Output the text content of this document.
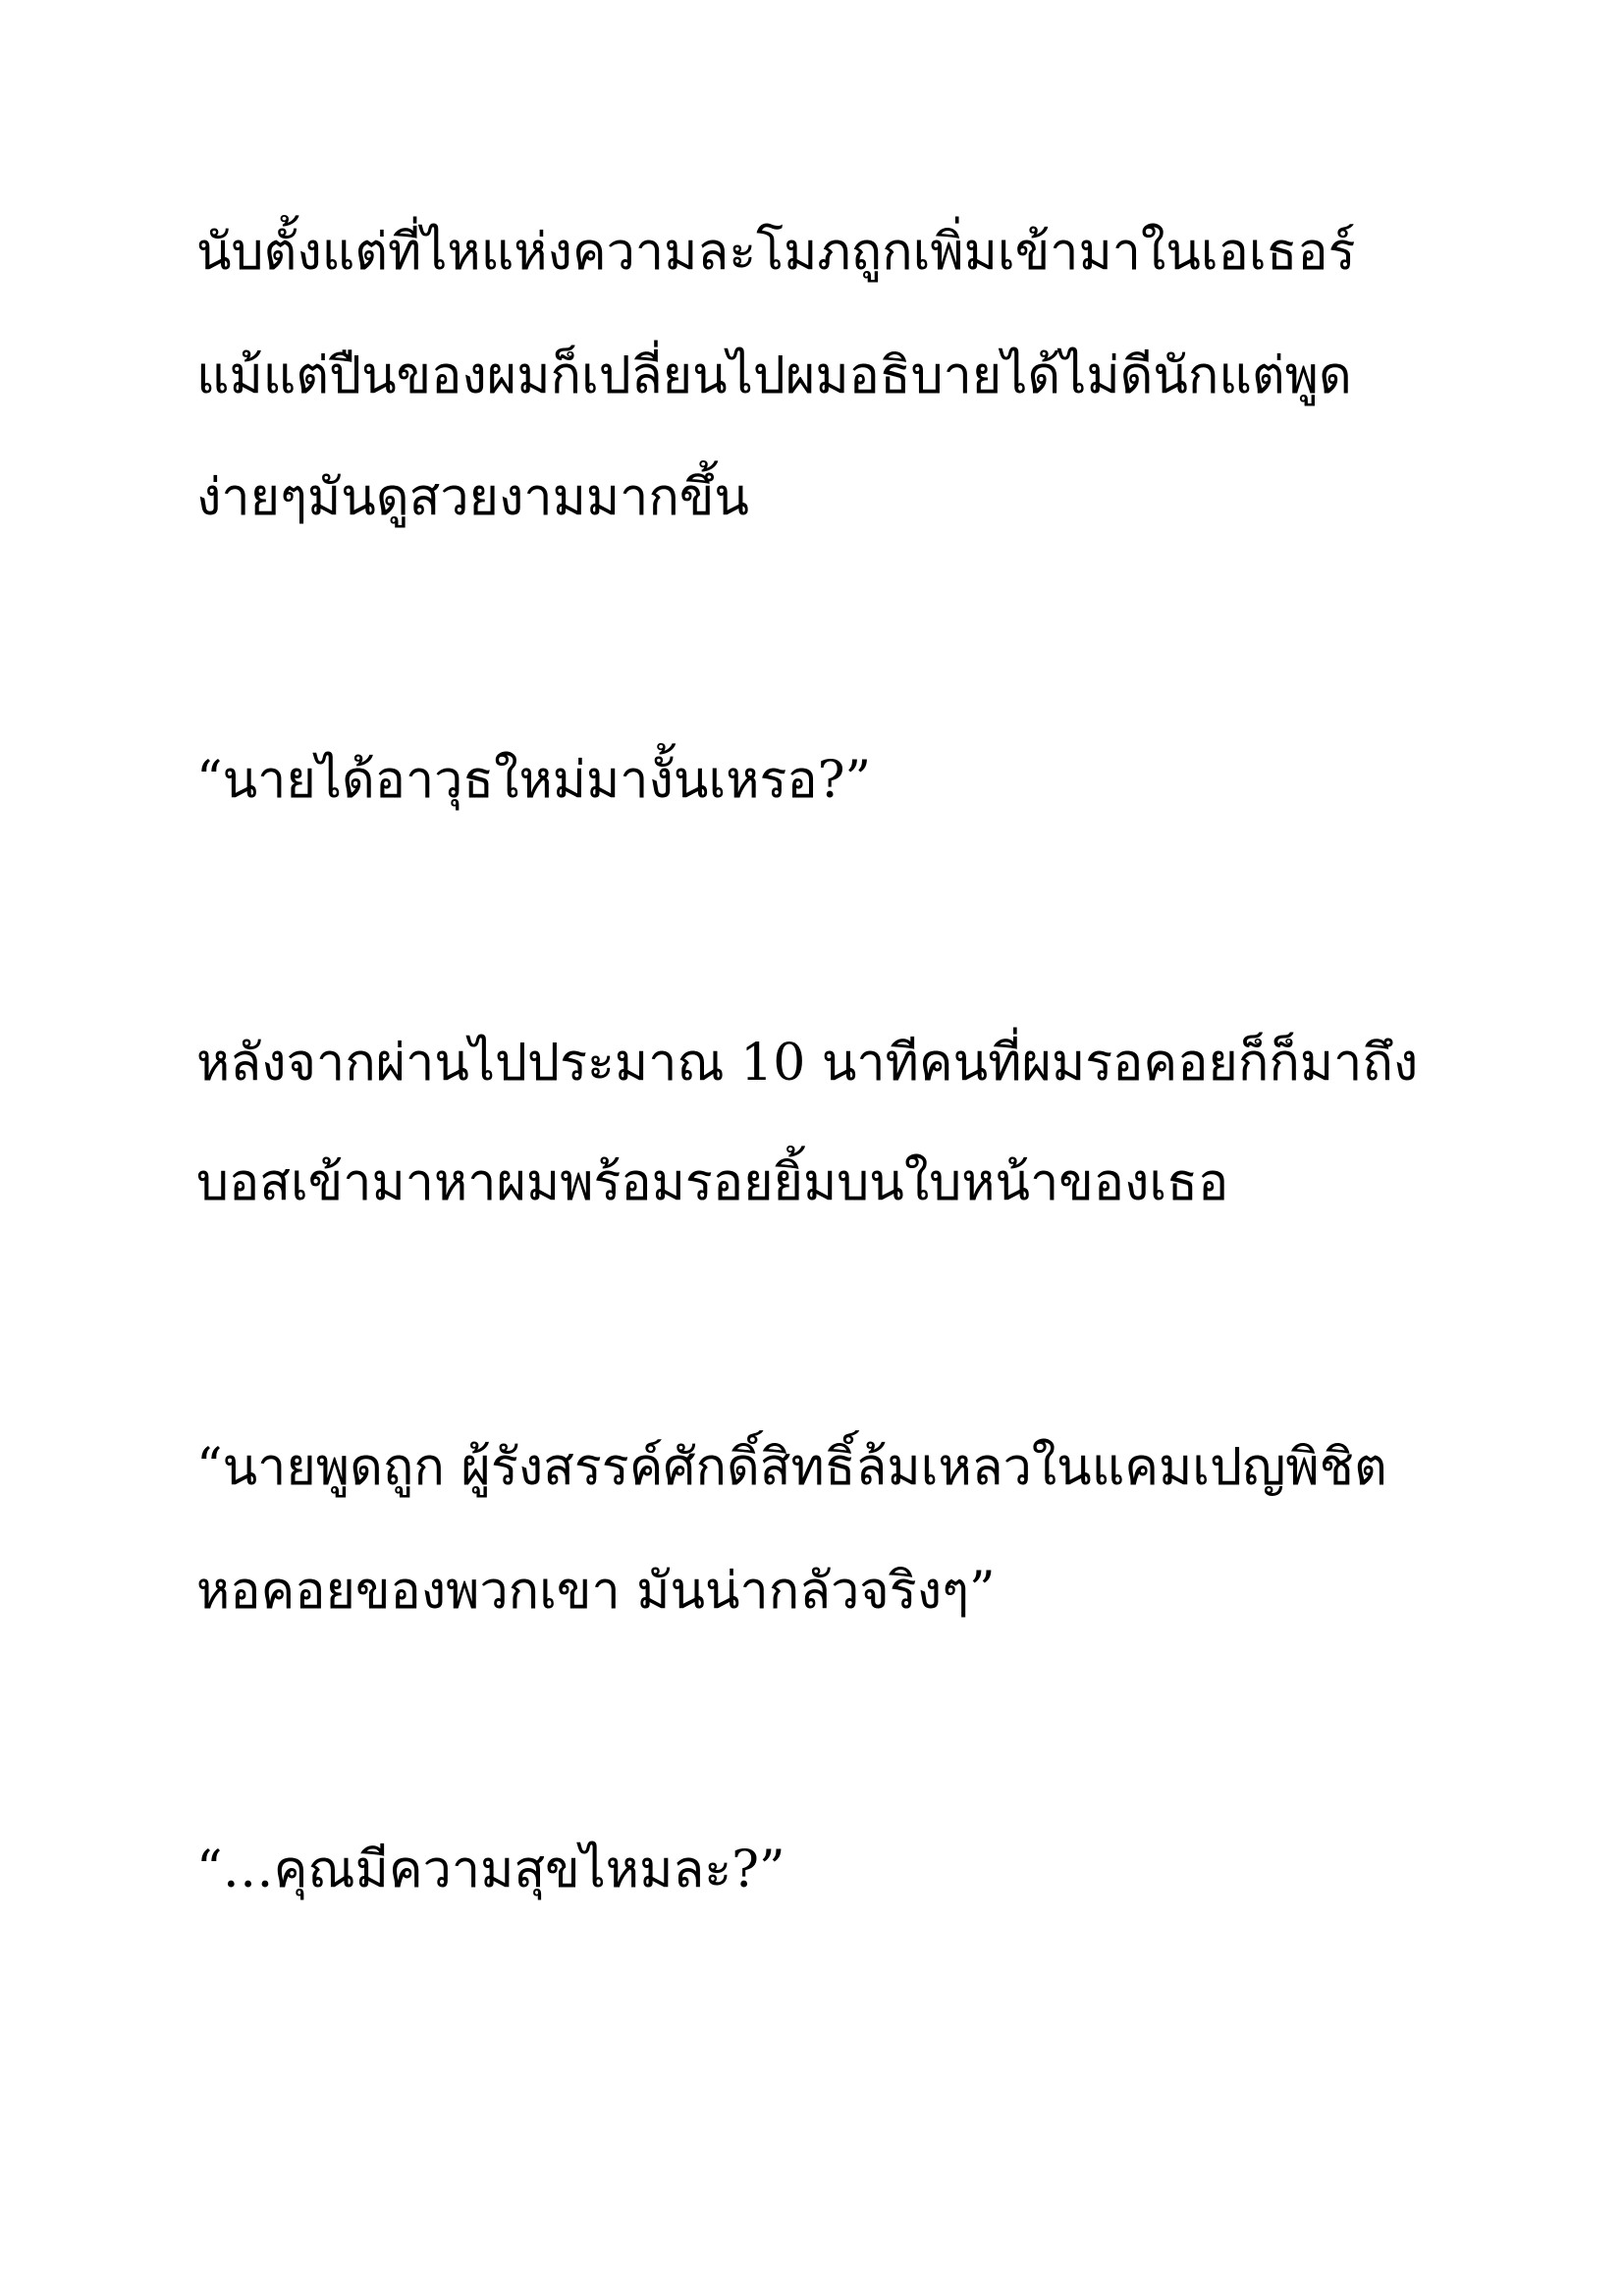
นับตั้งแต่ที่ไหแห่งความละโมภถูกเพิ่มเข้ามาในเอเธอร์
แม้แต่ปืนของผมก็เปลี่ยนไปผมอธิบายได้ไม่ดีนักแต่พูด
ง่ายๆมันดูสวยงามมากขึ้น
“นายได้อาวุธใหม่มางั้นเหรอ?”
หลังจากผ่านไปประมาณ 10 นาทีคนที่ผมรอคอยก็ก็มาถึง
บอสเข้ามาหาผมพร้อมรอยยิ้มบนใบหน้าของเธอ
“นายพูดถูก ผู้รังสรรค์ศักดิ์สิทธิ์ล้มเหลวในแคมเปญพิชิต
หอคอยของพวกเขา มันน่ากลัวจริงๆ”
“…คุณมีความสุขไหมละ?”
